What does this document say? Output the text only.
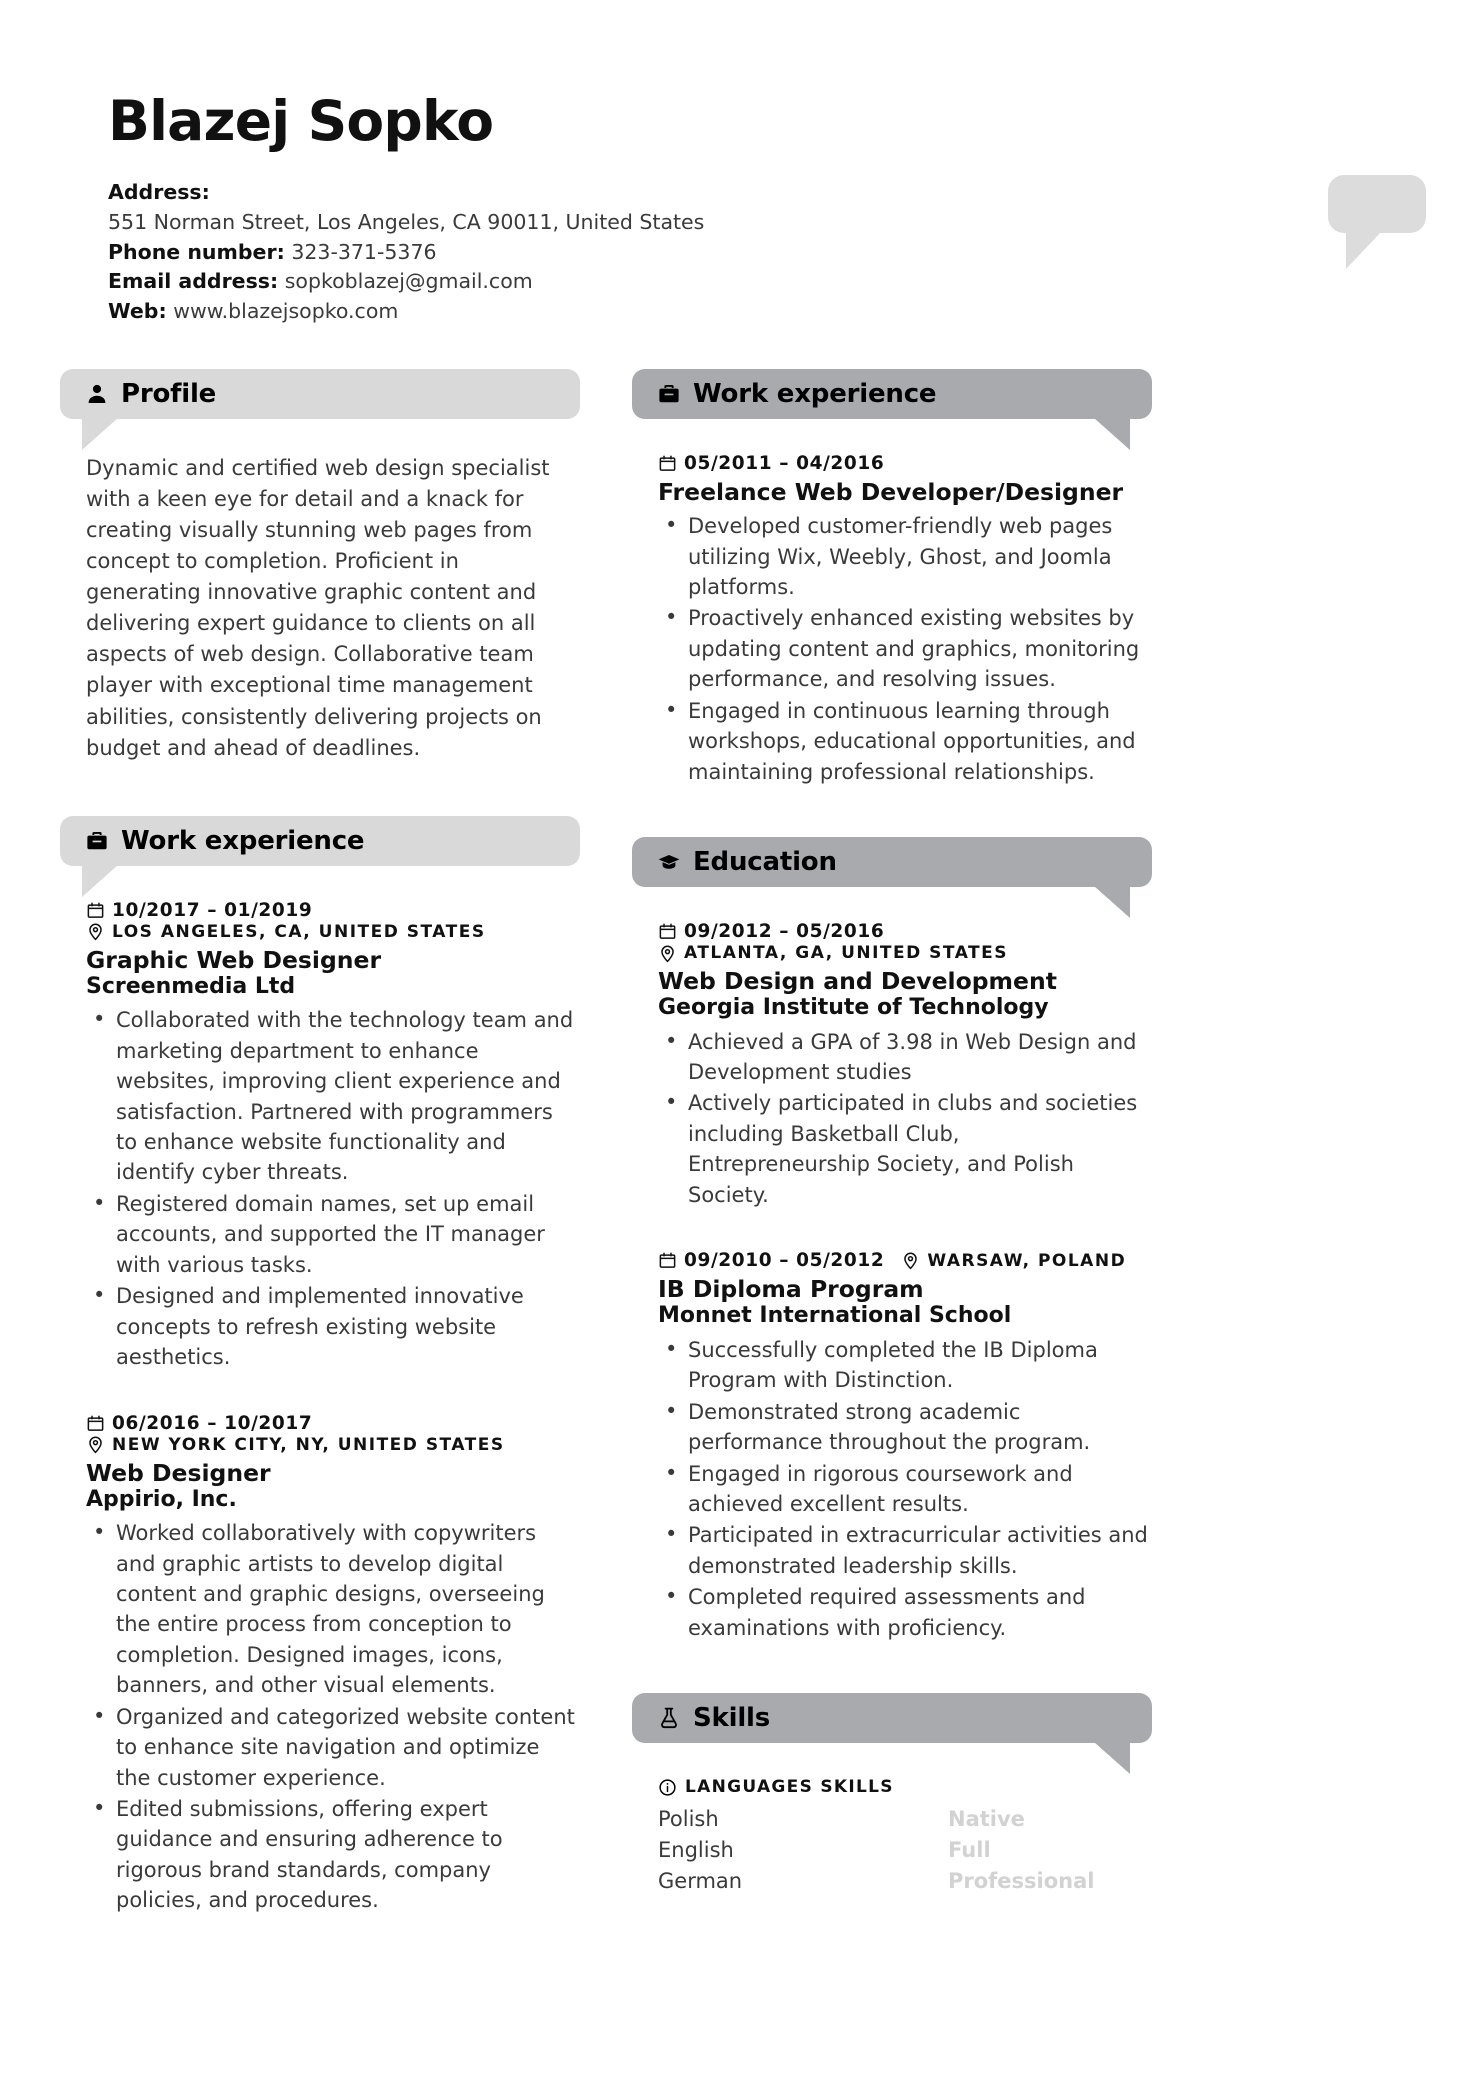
Blazej Sopko
Address:
551 Norman Street, Los Angeles, CA 90011, United States
Phone number: 323-371-5376
Email address: sopkoblazej@gmail.com
Web: www.blazejsopko.com
Profile
Dynamic and certified web design specialist with a keen eye for detail and a knack for creating visually stunning web pages from concept to completion. Proficient in generating innovative graphic content and delivering expert guidance to clients on all aspects of web design. Collaborative team player with exceptional time management abilities, consistently delivering projects on budget and ahead of deadlines.
Work experience
10/2017 – 01/2019
LOS ANGELES, CA, UNITED STATES
Graphic Web Designer
Screenmedia Ltd
• Collaborated with the technology team and marketing department to enhance websites, improving client experience and satisfaction. Partnered with programmers to enhance website functionality and identify cyber threats.
• Registered domain names, set up email accounts, and supported the IT manager with various tasks.
• Designed and implemented innovative concepts to refresh existing website aesthetics.
06/2016 – 10/2017
NEW YORK CITY, NY, UNITED STATES
Web Designer
Appirio, Inc.
• Worked collaboratively with copywriters and graphic artists to develop digital content and graphic designs, overseeing the entire process from conception to completion. Designed images, icons, banners, and other visual elements.
• Organized and categorized website content to enhance site navigation and optimize the customer experience.
• Edited submissions, offering expert guidance and ensuring adherence to rigorous brand standards, company policies, and procedures.
Work experience
05/2011 – 04/2016
Freelance Web Developer/Designer
• Developed customer-friendly web pages utilizing Wix, Weebly, Ghost, and Joomla platforms.
• Proactively enhanced existing websites by updating content and graphics, monitoring performance, and resolving issues.
• Engaged in continuous learning through workshops, educational opportunities, and maintaining professional relationships.
Education
09/2012 – 05/2016
ATLANTA, GA, UNITED STATES
Web Design and Development
Georgia Institute of Technology
• Achieved a GPA of 3.98 in Web Design and Development studies
• Actively participated in clubs and societies including Basketball Club, Entrepreneurship Society, and Polish Society.
09/2010 – 05/2012	WARSAW, POLAND
IB Diploma Program
Monnet International School
• Successfully completed the IB Diploma Program with Distinction.
• Demonstrated strong academic performance throughout the program.
• Engaged in rigorous coursework and achieved excellent results.
• Participated in extracurricular activities and demonstrated leadership skills.
• Completed required assessments and examinations with proficiency.
Skills
LANGUAGES SKILLS
Polish	Native
English	Full
German	Professional
